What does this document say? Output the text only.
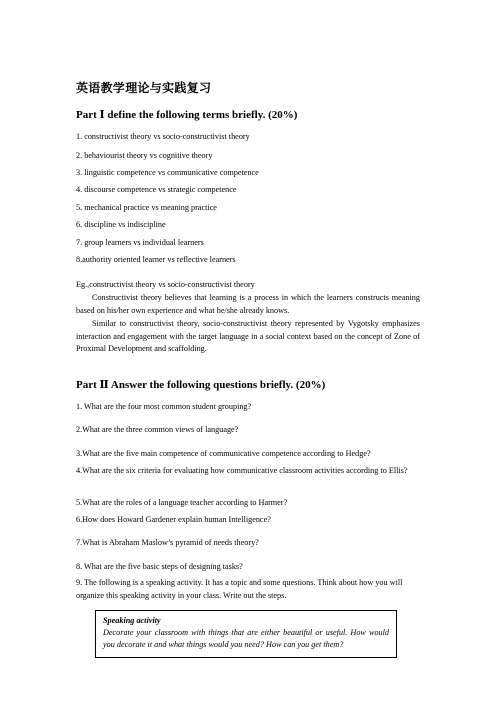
英语教学理论与实践复习
Part Ⅰ define the following terms briefly. (20%)
1. constructivist theory vs socio-constructivist theory
2. behaviourist theory vs cognitive theory
3. linguistic competence vs communicative competence
4. discourse competence vs strategic competence
5. mechanical practice vs meaning practice
6. discipline vs indiscipline
7. group learners vs individual learners
8.authority oriented learner vs reflective learners
Eg.,constructivist theory vs socio-constructivist theory
Constructivist theory believes that learning is a process in which the learners constructs meaning based on his/her own experience and what he/she already knows.
Similar to constructivist theory, socio-constructivist theory represented by Vygotsky emphasizes interaction and engagement with the target language in a social context based on the concept of Zone of Proximal Development and scaffolding.
Part Ⅱ Answer the following questions briefly. (20%)
1. What are the four most common student grouping?
2.What are the three common views of language?
3.What are the five main competence of communicative competence according to Hedge?
4.What are the six criteria for evaluating how communicative classroom activities according to Ellis?
5.What are the roles of a language teacher according to Harmer?
6.How does Howard Gardener explain human Intelligence?
7.What is Abraham Maslow’s pyramid of needs theory?
8. What are the five basic steps of designing tasks?
9. The following is a speaking activity. It has a topic and some questions. Think about how you will organize this speaking activity in your class. Write out the steps.
Speaking activity
Decorate your classroom with things that are either beautiful or useful. How would you decorate it and what things would you need? How can you get them?
